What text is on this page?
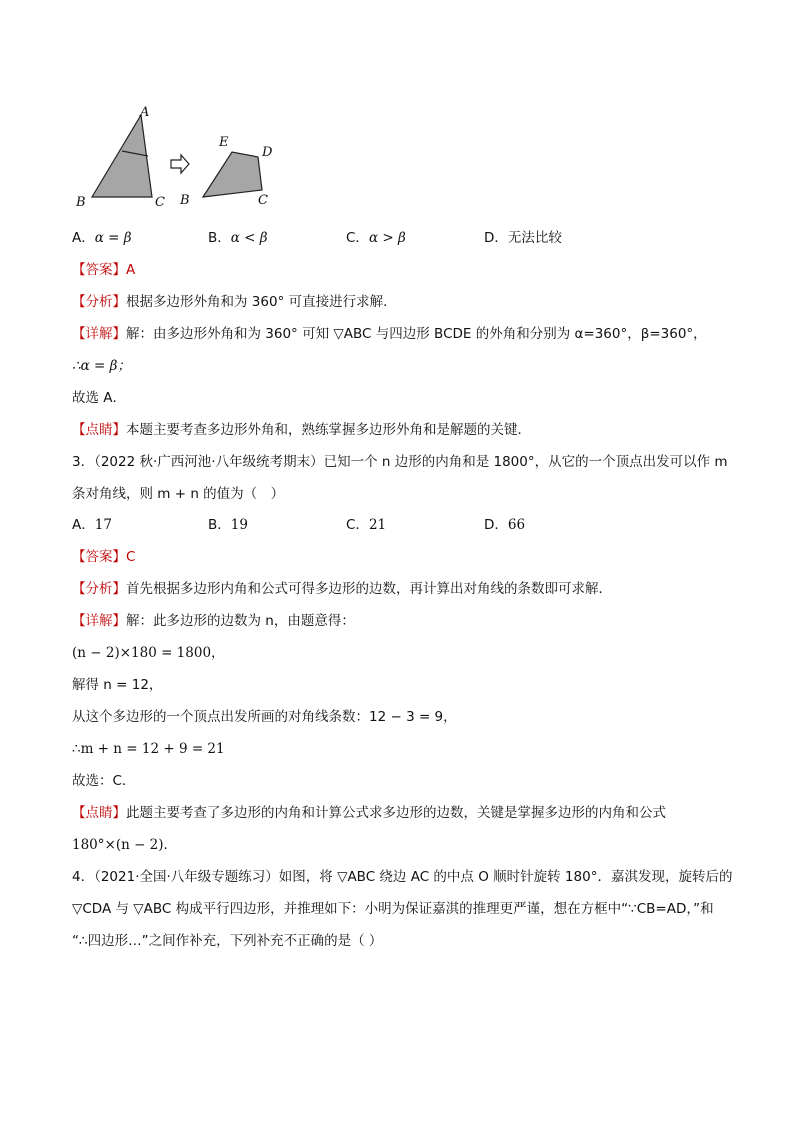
A
B	C
E
D
B	C
A．α = β	B．α < β	C．α > β	D．无法比较
【答案】A
【分析】根据多边形外角和为 360° 可直接进行求解．
【详解】解：由多边形外角和为 360° 可知 ▽ABC 与四边形 BCDE 的外角和分别为 α=360°，β=360°，
∴α = β；
故选 A．
【点睛】本题主要考查多边形外角和，熟练掌握多边形外角和是解题的关键．
3．（2022 秋·广西河池·八年级统考期末）已知一个 n 边形的内角和是 1800°，从它的一个顶点出发可以作 m
条对角线，则 m + n 的值为（　）
A．17	B．19	C．21	D．66
【答案】C
【分析】首先根据多边形内角和公式可得多边形的边数，再计算出对角线的条数即可求解．
【详解】解：此多边形的边数为 n，由题意得：
(n − 2)×180 = 1800，
解得 n = 12，
从这个多边形的一个顶点出发所画的对角线条数：12 − 3 = 9，
∴m + n = 12 + 9 = 21
故选：C．
【点睛】此题主要考查了多边形的内角和计算公式求多边形的边数，关键是掌握多边形的内角和公式
180°×(n − 2)．
4．（2021·全国·八年级专题练习）如图，将 ▽ABC 绕边 AC 的中点 O 顺时针旋转 180°．嘉淇发现，旋转后的
▽CDA 与 ▽ABC 构成平行四边形，并推理如下：小明为保证嘉淇的推理更严谨，想在方框中“∵CB=AD，”和
“∴四边形…”之间作补充，下列补充不正确的是（ ）
